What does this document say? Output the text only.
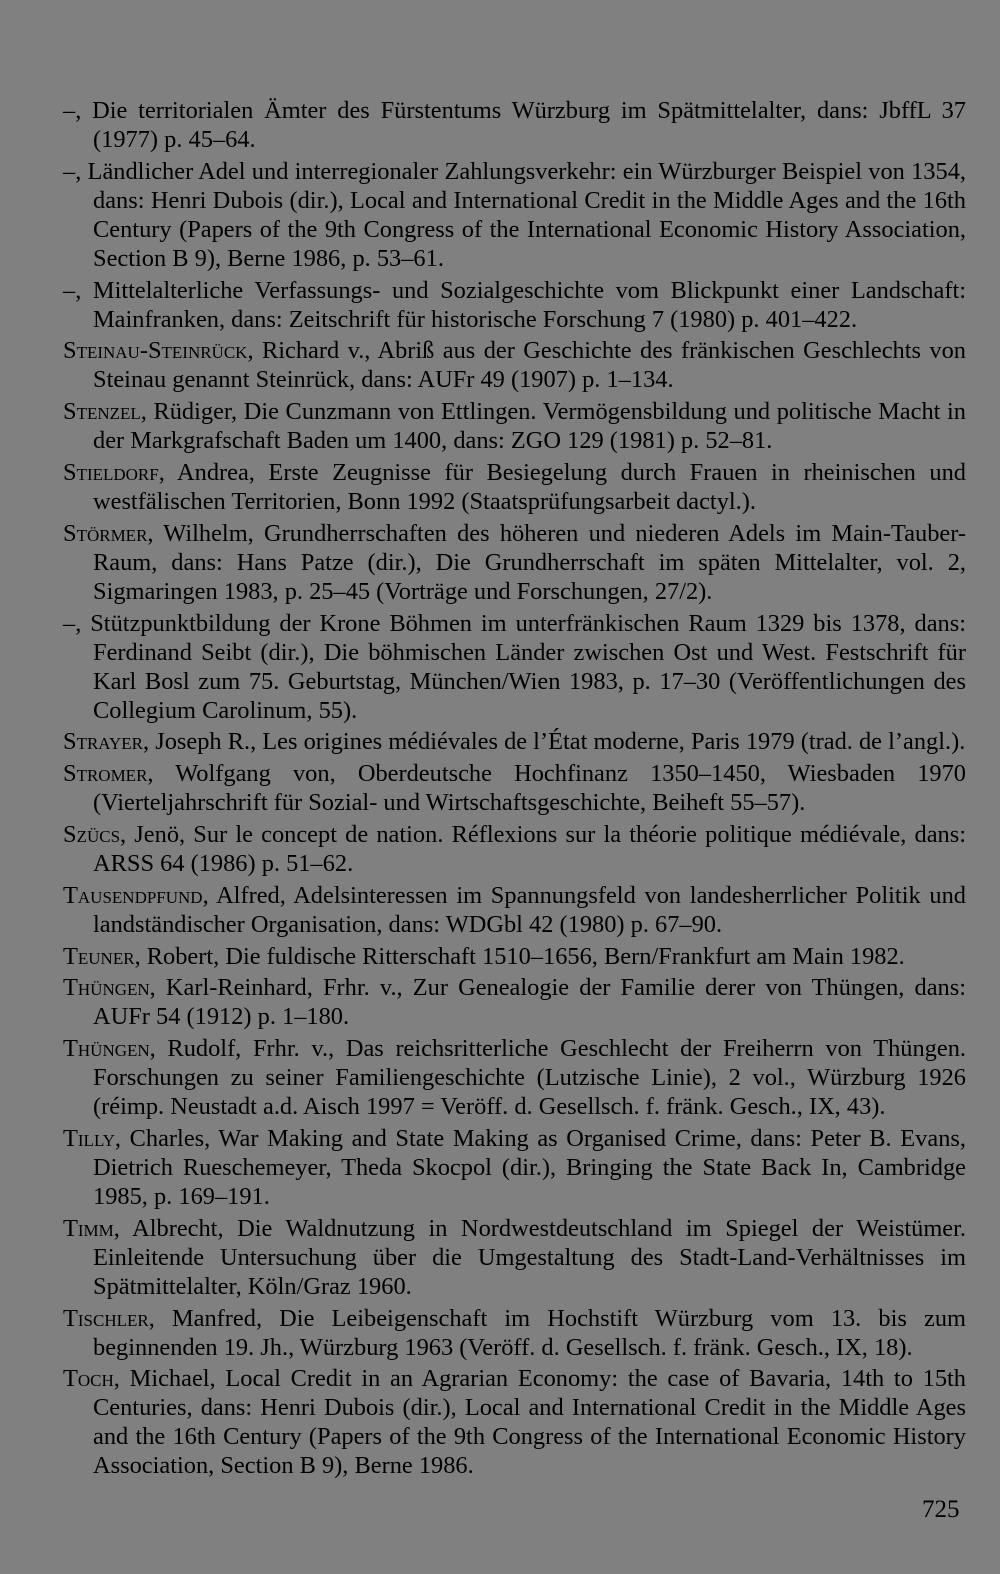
–, Die territorialen Ämter des Fürstentums Würzburg im Spätmittelalter, dans: JbffL 37 (1977) p. 45–64.
–, Ländlicher Adel und interregionaler Zahlungsverkehr: ein Würzburger Beispiel von 1354, dans: Henri Dubois (dir.), Local and International Credit in the Middle Ages and the 16th Century (Papers of the 9th Congress of the International Economic History Association, Section B 9), Berne 1986, p. 53–61.
–, Mittelalterliche Verfassungs- und Sozialgeschichte vom Blickpunkt einer Landschaft: Mainfranken, dans: Zeitschrift für historische Forschung 7 (1980) p. 401–422.
Steinau-Steinrück, Richard v., Abriß aus der Geschichte des fränkischen Geschlechts von Steinau genannt Steinrück, dans: AUFr 49 (1907) p. 1–134.
Stenzel, Rüdiger, Die Cunzmann von Ettlingen. Vermögensbildung und politische Macht in der Markgrafschaft Baden um 1400, dans: ZGO 129 (1981) p. 52–81.
Stieldorf, Andrea, Erste Zeugnisse für Besiegelung durch Frauen in rheinischen und westfälischen Territorien, Bonn 1992 (Staatsprüfungsarbeit dactyl.).
Störmer, Wilhelm, Grundherrschaften des höheren und niederen Adels im Main-Tauber-Raum, dans: Hans Patze (dir.), Die Grundherrschaft im späten Mittelalter, vol. 2, Sigmaringen 1983, p. 25–45 (Vorträge und Forschungen, 27/2).
–, Stützpunktbildung der Krone Böhmen im unterfränkischen Raum 1329 bis 1378, dans: Ferdinand Seibt (dir.), Die böhmischen Länder zwischen Ost und West. Festschrift für Karl Bosl zum 75. Geburtstag, München/Wien 1983, p. 17–30 (Veröffentlichungen des Collegium Carolinum, 55).
Strayer, Joseph R., Les origines médiévales de l’État moderne, Paris 1979 (trad. de l’angl.).
Stromer, Wolfgang von, Oberdeutsche Hochfinanz 1350–1450, Wiesbaden 1970 (Vierteljahrschrift für Sozial- und Wirtschaftsgeschichte, Beiheft 55–57).
Szücs, Jenö, Sur le concept de nation. Réflexions sur la théorie politique médiévale, dans: ARSS 64 (1986) p. 51–62.
Tausendpfund, Alfred, Adelsinteressen im Spannungsfeld von landesherrlicher Politik und landständischer Organisation, dans: WDGbl 42 (1980) p. 67–90.
Teuner, Robert, Die fuldische Ritterschaft 1510–1656, Bern/Frankfurt am Main 1982.
Thüngen, Karl-Reinhard, Frhr. v., Zur Genealogie der Familie derer von Thüngen, dans: AUFr 54 (1912) p. 1–180.
Thüngen, Rudolf, Frhr. v., Das reichsritterliche Geschlecht der Freiherrn von Thüngen. Forschungen zu seiner Familiengeschichte (Lutzische Linie), 2 vol., Würzburg 1926 (réimp. Neustadt a.d. Aisch 1997 = Veröff. d. Gesellsch. f. fränk. Gesch., IX, 43).
Tilly, Charles, War Making and State Making as Organised Crime, dans: Peter B. Evans, Dietrich Rueschemeyer, Theda Skocpol (dir.), Bringing the State Back In, Cambridge 1985, p. 169–191.
Timm, Albrecht, Die Waldnutzung in Nordwestdeutschland im Spiegel der Weistümer. Einleitende Untersuchung über die Umgestaltung des Stadt-Land-Verhältnisses im Spätmittelalter, Köln/Graz 1960.
Tischler, Manfred, Die Leibeigenschaft im Hochstift Würzburg vom 13. bis zum beginnenden 19. Jh., Würzburg 1963 (Veröff. d. Gesellsch. f. fränk. Gesch., IX, 18).
Toch, Michael, Local Credit in an Agrarian Economy: the case of Bavaria, 14th to 15th Centuries, dans: Henri Dubois (dir.), Local and International Credit in the Middle Ages and the 16th Century (Papers of the 9th Congress of the International Economic History Association, Section B 9), Berne 1986.
725
